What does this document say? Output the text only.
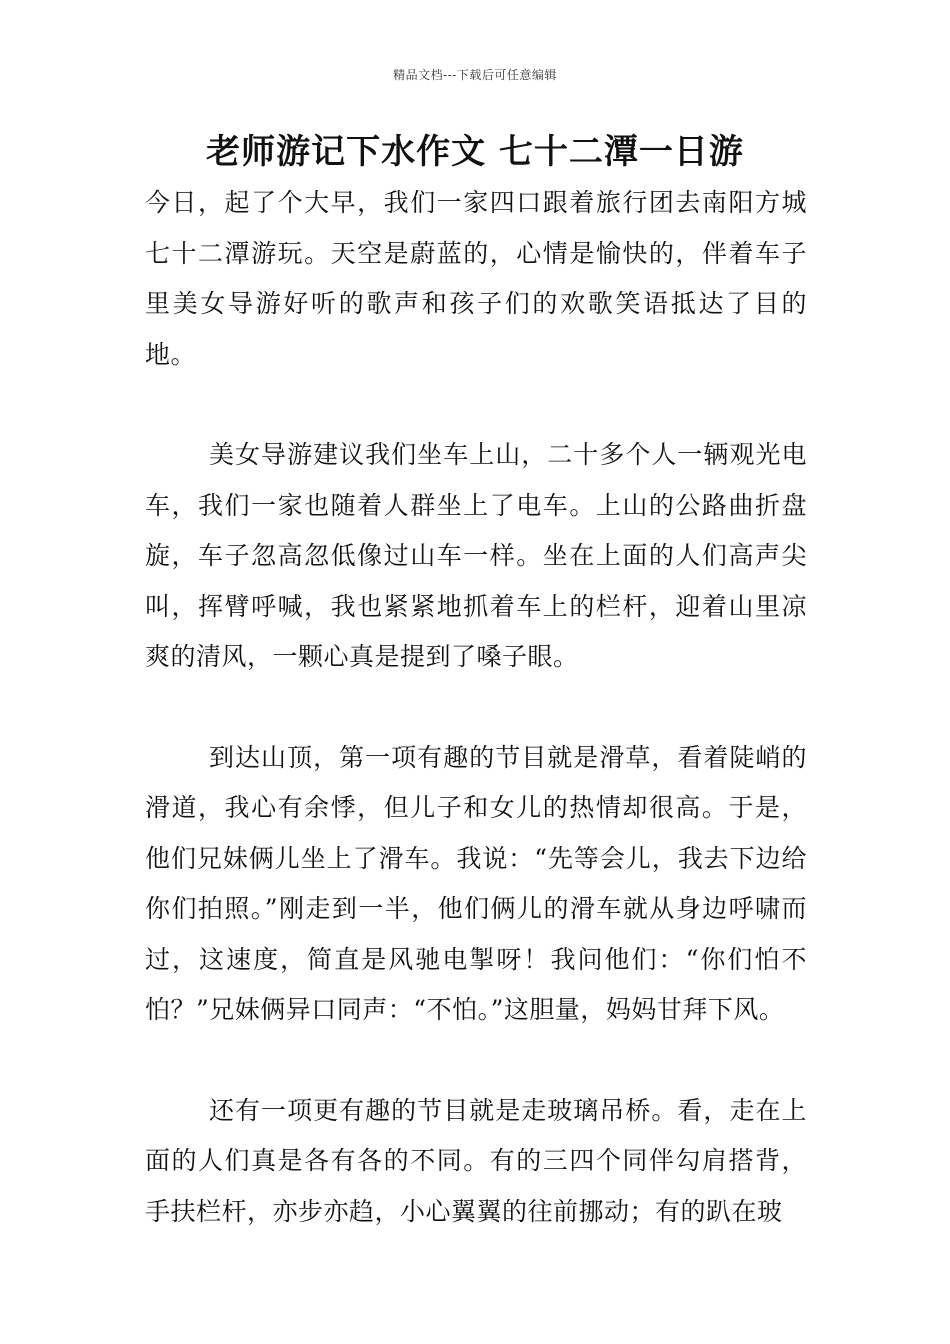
精品文档---下载后可任意编辑
老师游记下水作文 七十二潭一日游

今日，起了个大早，我们一家四口跟着旅行团去南阳方城七十二潭游玩。天空是蔚蓝的，心情是愉快的，伴着车子里美女导游好听的歌声和孩子们的欢歌笑语抵达了目的地。

美女导游建议我们坐车上山，二十多个人一辆观光电车，我们一家也随着人群坐上了电车。上山的公路曲折盘旋，车子忽高忽低像过山车一样。坐在上面的人们高声尖叫，挥臂呼喊，我也紧紧地抓着车上的栏杆，迎着山里凉爽的清风，一颗心真是提到了嗓子眼。

到达山顶，第一项有趣的节目就是滑草，看着陡峭的滑道，我心有余悸，但儿子和女儿的热情却很高。于是，他们兄妹俩儿坐上了滑车。我说：“先等会儿，我去下边给你们拍照。”刚走到一半，他们俩儿的滑车就从身边呼啸而过，这速度，简直是风驰电掣呀！我问他们：“你们怕不怕？”兄妹俩异口同声：“不怕。”这胆量，妈妈甘拜下风。

还有一项更有趣的节目就是走玻璃吊桥。看，走在上面的人们真是各有各的不同。有的三四个同伴勾肩搭背，手扶栏杆，亦步亦趋，小心翼翼的往前挪动；有的趴在玻
